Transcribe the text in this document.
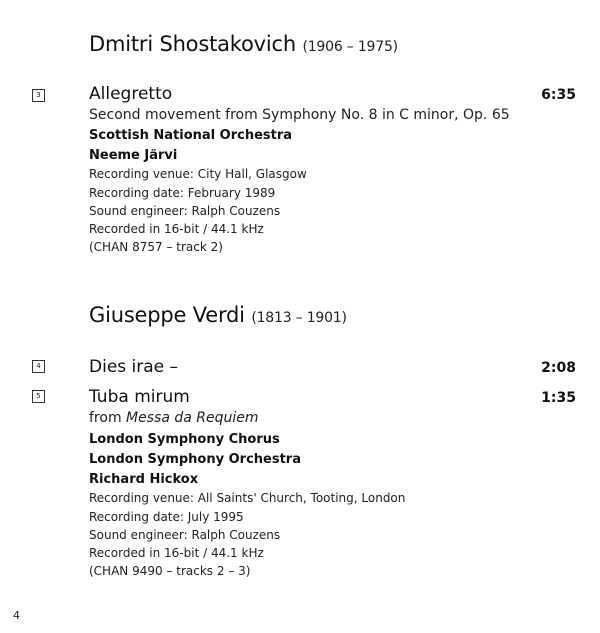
Dmitri Shostakovich (1906 – 1975)
3	Allegretto	6:35
Second movement from Symphony No. 8 in C minor, Op. 65
Scottish National Orchestra
Neeme Järvi
Recording venue: City Hall, Glasgow
Recording date: February 1989
Sound engineer: Ralph Couzens
Recorded in 16-bit / 44.1 kHz
(CHAN 8757 – track 2)
Giuseppe Verdi (1813 – 1901)
4	Dies irae –	2:08
5	Tuba mirum	1:35
from Messa da Requiem
London Symphony Chorus
London Symphony Orchestra
Richard Hickox
Recording venue: All Saints' Church, Tooting, London
Recording date: July 1995
Sound engineer: Ralph Couzens
Recorded in 16-bit / 44.1 kHz
(CHAN 9490 – tracks 2 – 3)
4
